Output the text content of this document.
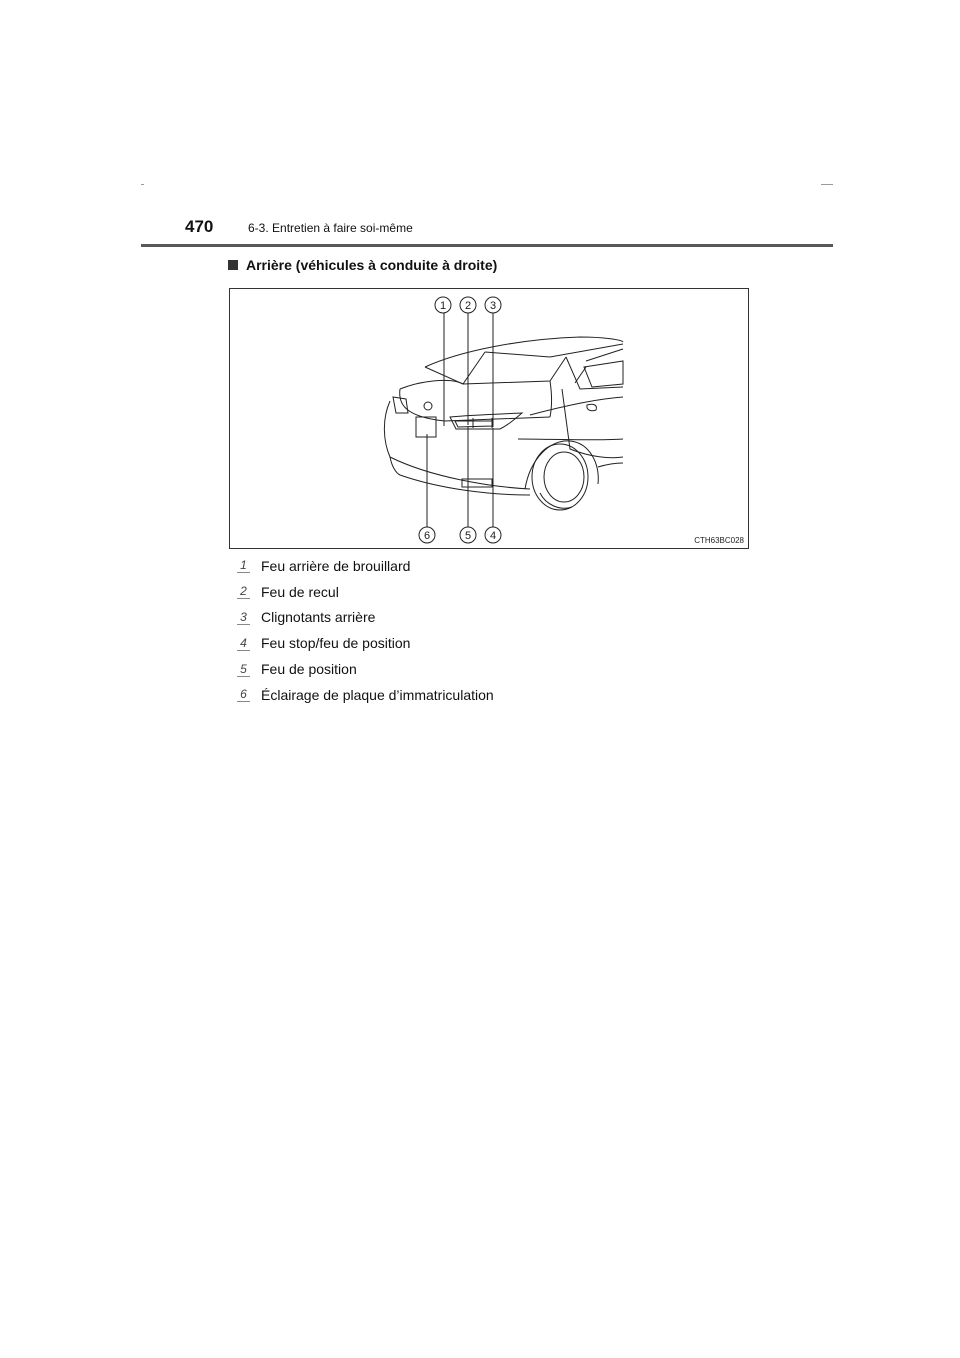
470	6-3. Entretien à faire soi-même
Arrière (véhicules à conduite à droite)
1 2 3
4
5
6	CTH63BC028
1 Feu arrière de brouillard
2 Feu de recul
3 Clignotants arrière
4 Feu stop/feu de position
5 Feu de position
6 Éclairage de plaque d’immatriculation
